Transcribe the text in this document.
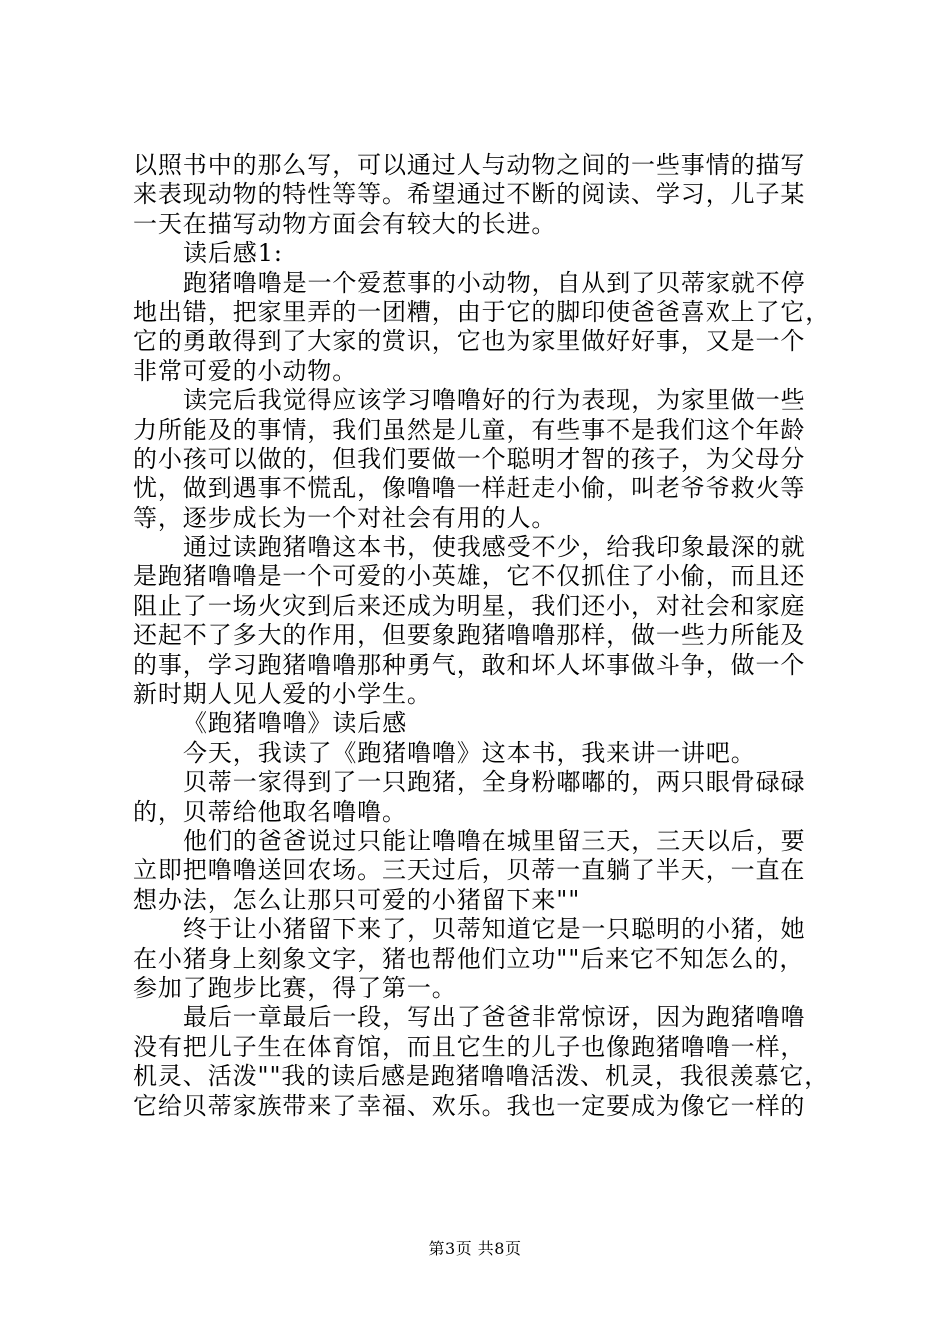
以照书中的那么写，可以通过人与动物之间的一些事情的描写
来表现动物的特性等等。希望通过不断的阅读、学习，儿子某
一天在描写动物方面会有较大的长进。
读后感1:
跑猪噜噜是一个爱惹事的小动物，自从到了贝蒂家就不停
地出错，把家里弄的一团糟，由于它的脚印使爸爸喜欢上了它，
它的勇敢得到了大家的赏识，它也为家里做好好事，又是一个
非常可爱的小动物。
读完后我觉得应该学习噜噜好的行为表现，为家里做一些
力所能及的事情，我们虽然是儿童，有些事不是我们这个年龄
的小孩可以做的，但我们要做一个聪明才智的孩子，为父母分
忧，做到遇事不慌乱，像噜噜一样赶走小偷，叫老爷爷救火等
等，逐步成长为一个对社会有用的人。
通过读跑猪噜这本书，使我感受不少，给我印象最深的就
是跑猪噜噜是一个可爱的小英雄，它不仅抓住了小偷，而且还
阻止了一场火灾到后来还成为明星，我们还小，对社会和家庭
还起不了多大的作用，但要象跑猪噜噜那样，做一些力所能及
的事，学习跑猪噜噜那种勇气，敢和坏人坏事做斗争，做一个
新时期人见人爱的小学生。
《跑猪噜噜》读后感
今天，我读了《跑猪噜噜》这本书，我来讲一讲吧。
贝蒂一家得到了一只跑猪，全身粉嘟嘟的，两只眼骨碌碌
的，贝蒂给他取名噜噜。
他们的爸爸说过只能让噜噜在城里留三天，三天以后，要
立即把噜噜送回农场。三天过后，贝蒂一直躺了半天，一直在
想办法，怎么让那只可爱的小猪留下来""
终于让小猪留下来了，贝蒂知道它是一只聪明的小猪，她
在小猪身上刻象文字，猪也帮他们立功""后来它不知怎么的，
参加了跑步比赛，得了第一。
最后一章最后一段，写出了爸爸非常惊讶，因为跑猪噜噜
没有把儿子生在体育馆，而且它生的儿子也像跑猪噜噜一样，
机灵、活泼""我的读后感是跑猪噜噜活泼、机灵，我很羡慕它，
它给贝蒂家族带来了幸福、欢乐。我也一定要成为像它一样的
第3页 共8页
